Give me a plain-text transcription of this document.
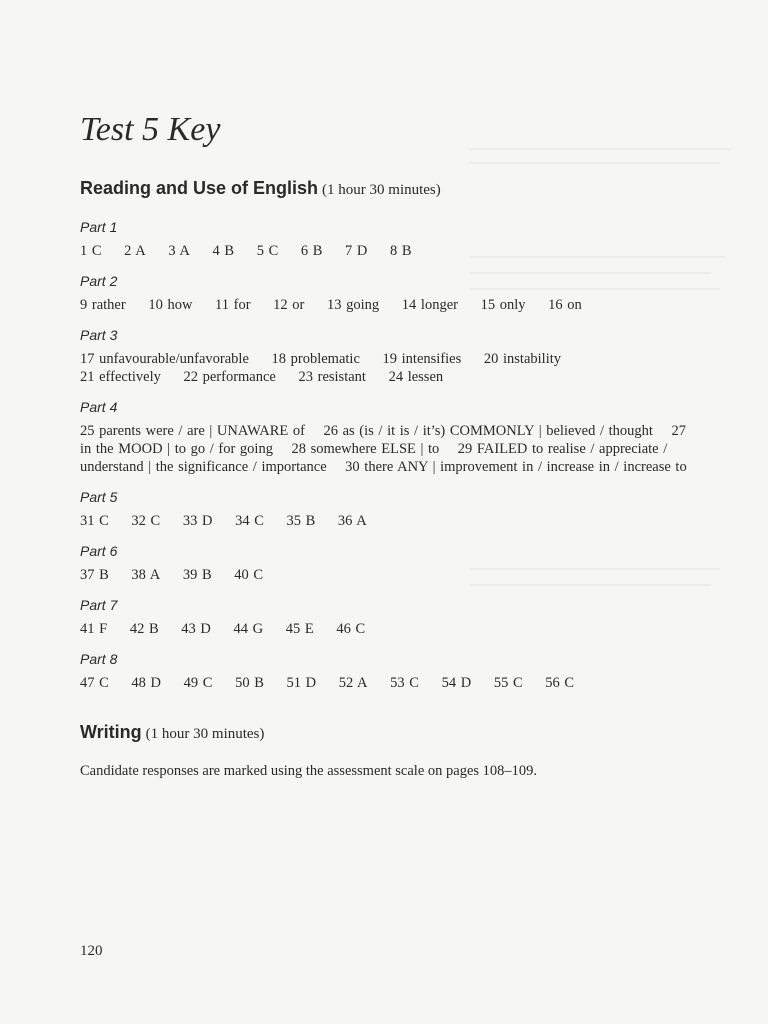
Test 5 Key
Reading and Use of English (1 hour 30 minutes)
Part 1
1 C 2 A 3 A 4 B 5 C 6 B 7 D 8 B
Part 2
9 rather 10 how 11 for 12 or 13 going 14 longer 15 only 16 on
Part 3
17 unfavourable/unfavorable 18 problematic 19 intensifies 20 instability
21 effectively 22 performance 23 resistant 24 lessen
Part 4
25 parents were / are | UNAWARE of    26 as (is / it is / it’s) COMMONLY | believed / thought    27 in the MOOD | to go / for going    28 somewhere ELSE | to    29 FAILED to realise / appreciate / understand | the significance / importance    30 there ANY | improvement in / increase in / increase to
Part 5
31 C 32 C 33 D 34 C 35 B 36 A
Part 6
37 B 38 A 39 B 40 C
Part 7
41 F 42 B 43 D 44 G 45 E 46 C
Part 8
47 C 48 D 49 C 50 B 51 D 52 A 53 C 54 D 55 C 56 C
Writing (1 hour 30 minutes)
Candidate responses are marked using the assessment scale on pages 108–109.
120
